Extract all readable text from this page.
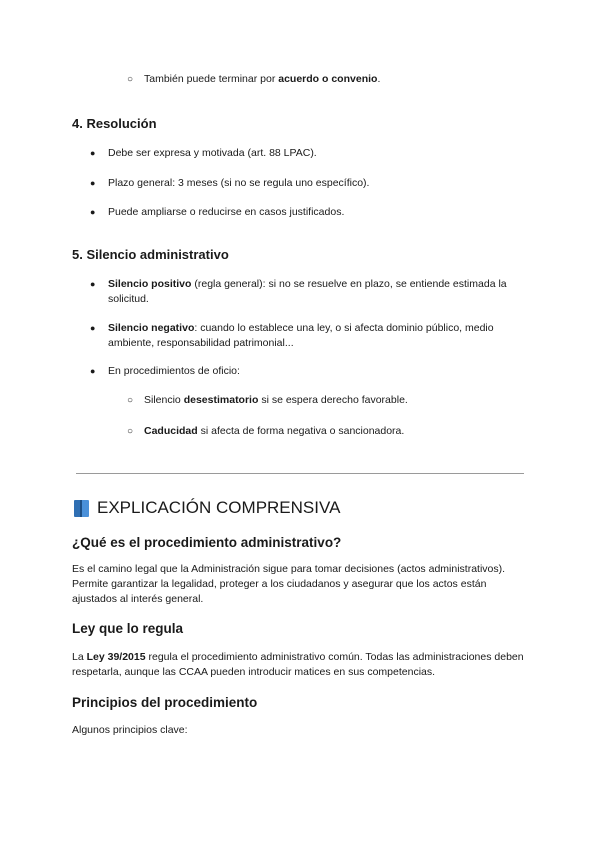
○ También puede terminar por acuerdo o convenio.
4. Resolución
● Debe ser expresa y motivada (art. 88 LPAC).
● Plazo general: 3 meses (si no se regula uno específico).
● Puede ampliarse o reducirse en casos justificados.
5. Silencio administrativo
● Silencio positivo (regla general): si no se resuelve en plazo, se entiende estimada la solicitud.
● Silencio negativo: cuando lo establece una ley, o si afecta dominio público, medio ambiente, responsabilidad patrimonial...
● En procedimientos de oficio:
○ Silencio desestimatorio si se espera derecho favorable.
○ Caducidad si afecta de forma negativa o sancionadora.
EXPLICACIÓN COMPRENSIVA
¿Qué es el procedimiento administrativo?
Es el camino legal que la Administración sigue para tomar decisiones (actos administrativos). Permite garantizar la legalidad, proteger a los ciudadanos y asegurar que los actos están ajustados al interés general.
Ley que lo regula
La Ley 39/2015 regula el procedimiento administrativo común. Todas las administraciones deben respetarla, aunque las CCAA pueden introducir matices en sus competencias.
Principios del procedimiento
Algunos principios clave:
